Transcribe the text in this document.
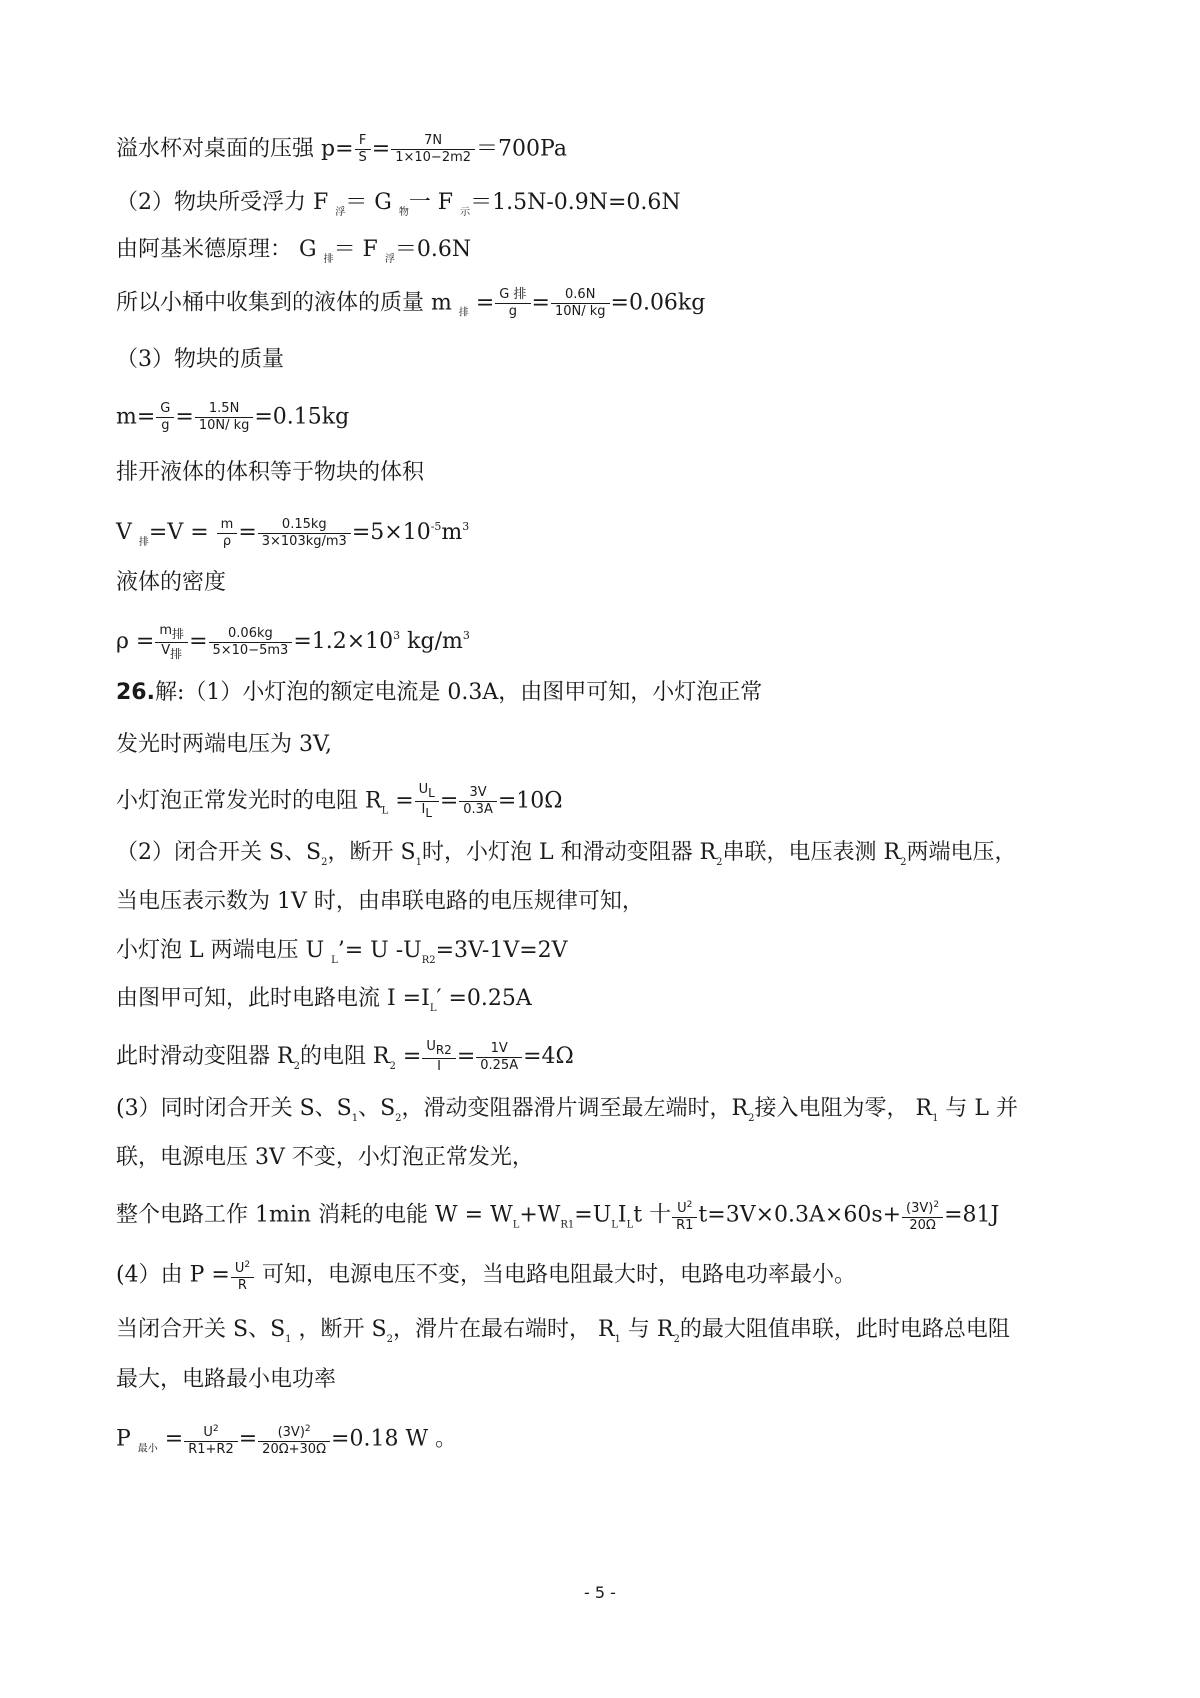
溢水杯对桌面的压强 $p= \frac{F}{S} = \frac{7N}{1\times 10-2m2} =700Pa$
（2）物块所受浮力 F $_浮$＝ G $_物$一 F $_示$＝1.5N-0.9N=0.6N
由阿基米德原理： G $_排$＝ F $_浮$＝0.6N
所以小桶中收集到的液体的质量 m $_排 = \frac{\text{G 排}}{g} = \frac{0.6N}{10N/ kg} =0.06kg$
（3）物块的质量
$m= \frac{G}{g} = \frac{1.5N}{10N/ kg} =0.15kg$
排开液体的体积等于物块的体积
V $_排=V = \frac{m}{\rho} = \frac{0.15kg}{3\times 103kg/m3} =5\times 10^{-5}m^3$
液体的密度
$\rho = \frac{\text{m排}}{\text{V排}} = \frac{0.06kg}{5\times 10-5m3} =1.2\times 10^3$ $kg/m^3$
26.解:（1）小灯泡的额定电流是 0.3A，由图甲可知，小灯泡正常
发光时两端电压为 3V,
小灯泡正常发光时的电阻 $R_L = \frac{UL}{IL} = \frac{3V}{0.3A} =10\Omega$
（2）闭合开关 S、$S_2$，断开 $S_1$时，小灯泡 L 和滑动变阻器 $R_2$串联，电压表测 $R_2$两端电压，
当电压表示数为 1V 时，由串联电路的电压规律可知，
小灯泡 L 两端电压 U $_L$’= U $-U_{R2}=3V-1V=2V$
由图甲可知，此时电路电流 $I =I_L' =0.25A$
此时滑动变阻器 $R_2$的电阻 $R_2 = \frac{UR2}{I} = \frac{1V}{0.25A} =4\Omega$
(3）同时闭合开关 S、$S_1$、$S_2$，滑动变阻器滑片调至最左端时，$R_2$接入电阻为零， $R_1$ 与 L 并
联，电源电压 3V 不变，小灯泡正常发光，
整个电路工作 1min 消耗的电能 $W = W_L+W_{R1}=U_LI_Lt$ 十 $\frac{U^2}{R1} t=3V\times 0.3A\times 60s+ \frac{(3V)^2}{20\Omega} =81J$
(4）由 $P = \frac{U^2}{R}$ 可知，电源电压不变，当电路电阻最大时，电路电功率最小。
当闭合开关 S、$S_1$ ，断开 $S_2$，滑片在最右端时， $R_1$ 与 $R_2$的最大阻值串联，此时电路总电阻
最大，电路最小电功率
P $_{最小} = \frac{U^2}{R1+R2} = \frac{(3V)^2}{20\Omega+30\Omega} =0.18$ W 。
- 5 -
